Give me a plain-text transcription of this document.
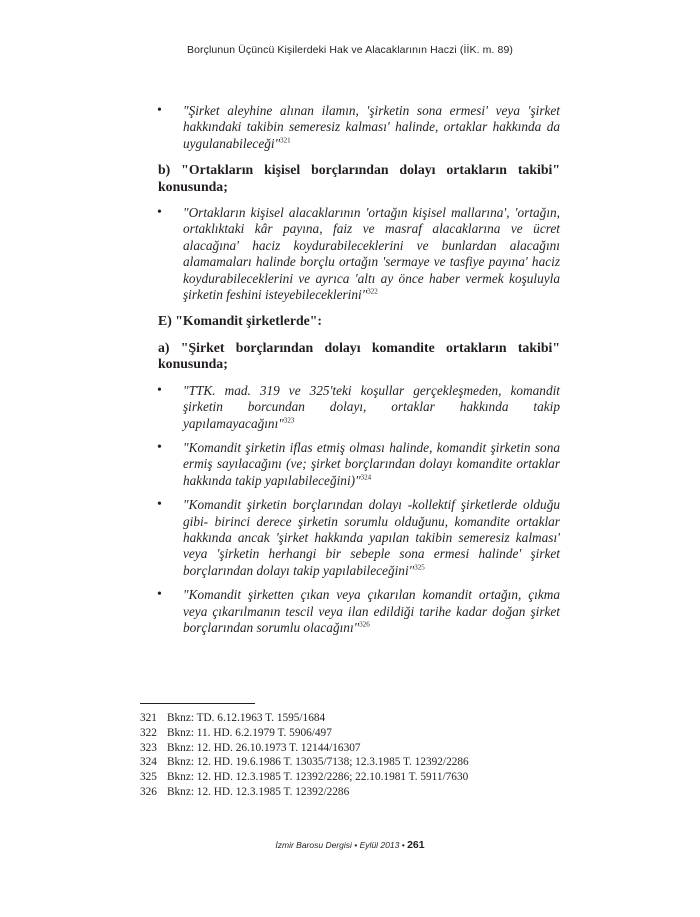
Borçlunun Üçüncü Kişilerdeki Hak ve Alacaklarının Haczi (İİK. m. 89)

• "Şirket aleyhine alınan ilamın, 'şirketin sona ermesi' veya 'şirket hakkındaki takibin semeresiz kalması' halinde, ortaklar hakkında da uygulanabileceği"$^{321}$

b) "Ortakların kişisel borçlarından dolayı ortakların takibi" konusunda;

• "Ortakların kişisel alacaklarının 'ortağın kişisel mallarına', 'ortağın, ortaklıktaki kâr payına, faiz ve masraf alacaklarına ve ücret alacağına' haciz koydurabileceklerini ve bunlardan alacağını alamamaları halinde borçlu ortağın 'sermaye ve tasfiye payına' haciz koydurabileceklerini ve ayrıca 'altı ay önce haber vermek koşuluyla şirketin feshini isteyebileceklerini"$^{322}$

E) "Komandit şirketlerde":

a) "Şirket borçlarından dolayı komandite ortakların takibi" konusunda;

• "TTK. mad. 319 ve 325'teki koşullar gerçekleşmeden, komandit şirketin borcundan dolayı, ortaklar hakkında takip yapılamayacağını"$^{323}$

• "Komandit şirketin iflas etmiş olması halinde, komandit şirketin sona ermiş sayılacağını (ve; şirket borçlarından dolayı komandite ortaklar hakkında takip yapılabileceğini)"$^{324}$

• "Komandit şirketin borçlarından dolayı -kollektif şirketlerde olduğu gibi- birinci derece şirketin sorumlu olduğunu, komandite ortaklar hakkında ancak 'şirket hakkında yapılan takibin semeresiz kalması' veya 'şirketin herhangi bir sebeple sona ermesi halinde' şirket borçlarından dolayı takip yapılabileceğini"$^{325}$

• "Komandit şirketten çıkan veya çıkarılan komandit ortağın, çıkma veya çıkarılmanın tescil veya ilan edildiği tarihe kadar doğan şirket borçlarından sorumlu olacağını"$^{326}$

321 Bknz: TD. 6.12.1963 T. 1595/1684
322 Bknz: 11. HD. 6.2.1979 T. 5906/497
323 Bknz: 12. HD. 26.10.1973 T. 12144/16307
324 Bknz: 12. HD. 19.6.1986 T. 13035/7138; 12.3.1985 T. 12392/2286
325 Bknz: 12. HD. 12.3.1985 T. 12392/2286; 22.10.1981 T. 5911/7630
326 Bknz: 12. HD. 12.3.1985 T. 12392/2286
İzmir Barosu Dergisi • Eylül 2013 • 261
